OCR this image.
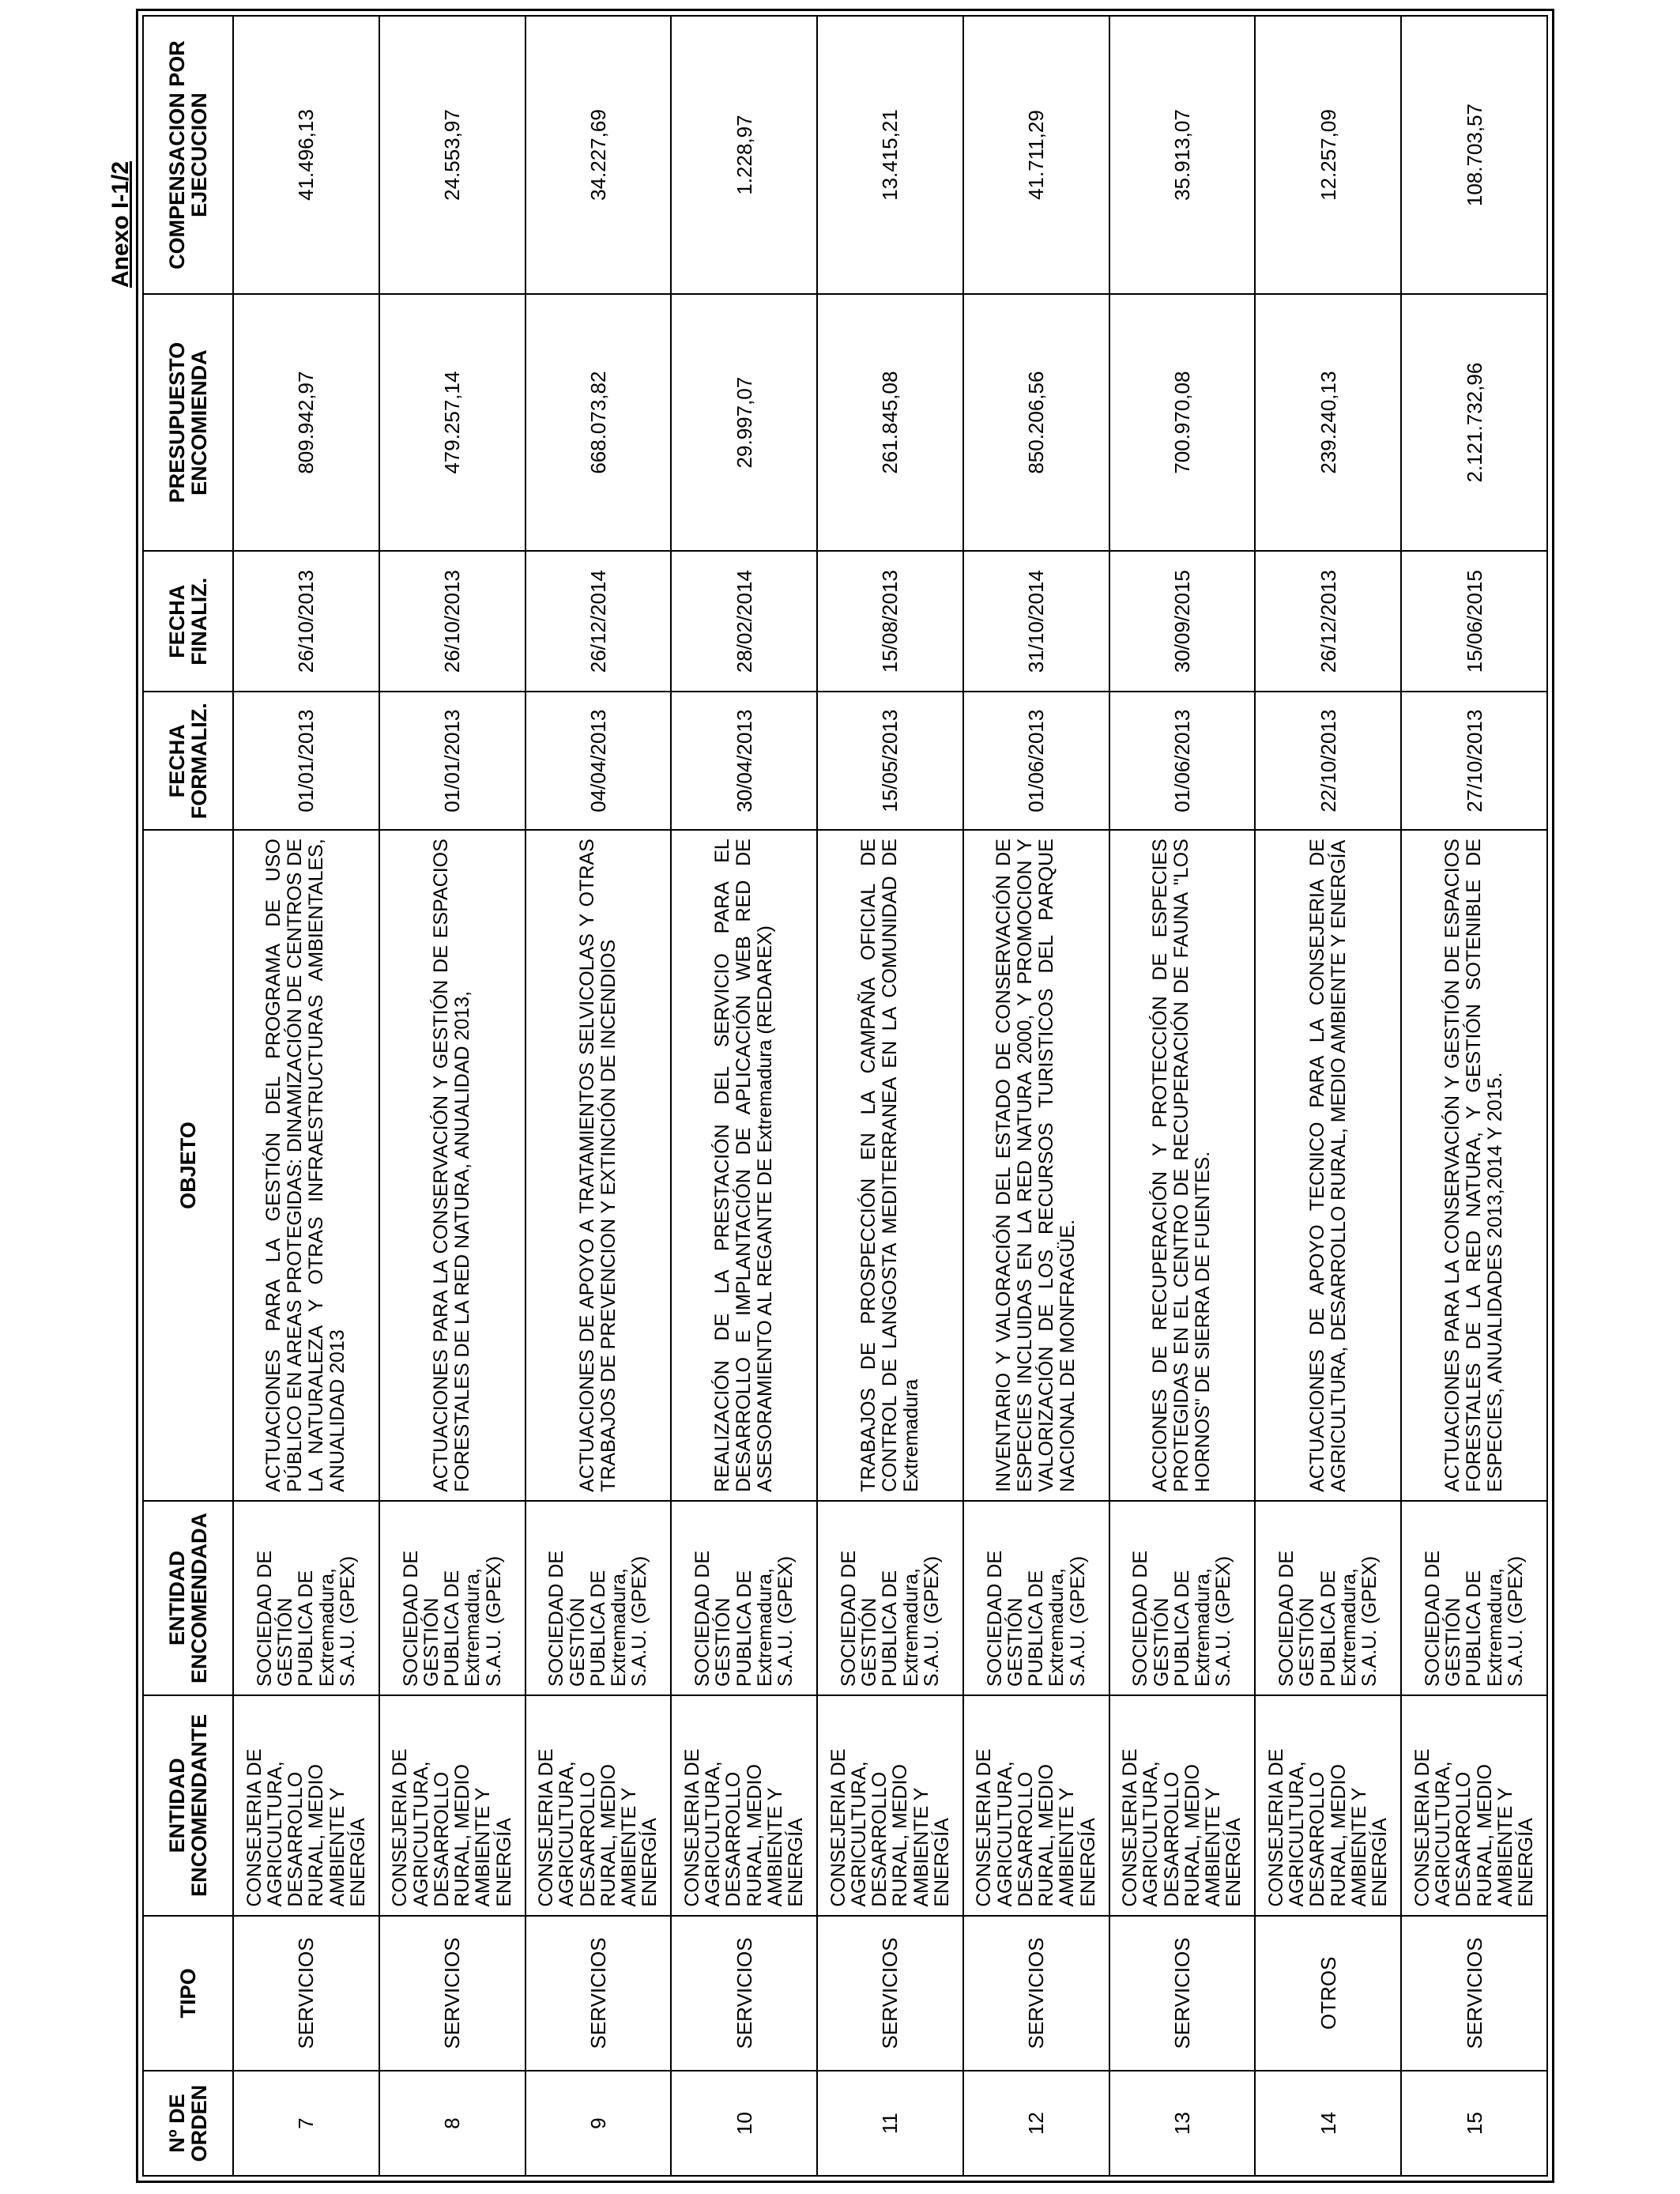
Anexo I-1/2
Nº DE ORDEN	TIPO	ENTIDAD ENCOMENDANTE	ENTIDAD ENCOMENDADA	OBJETO	FECHA FORMALIZ.	FECHA FINALIZ.	PRESUPUESTO ENCOMIENDA	COMPENSACION POR EJECUCION
7	SERVICIOS	CONSEJERIA DE AGRICULTURA, DESARROLLO RURAL, MEDIO AMBIENTE Y ENERGÍA	SOCIEDAD DE GESTIÓN PUBLICA DE Extremadura, S.A.U. (GPEX)	ACTUACIONES PARA LA GESTIÓN DEL PROGRAMA DE USO PÚBLICO EN AREAS PROTEGIDAS: DINAMIZACIÓN DE CENTROS DE LA NATURALEZA Y OTRAS INFRAESTRUCTURAS AMBIENTALES, ANUALIDAD 2013	01/01/2013	26/10/2013	809.942,97	41.496,13
8	SERVICIOS	CONSEJERIA DE AGRICULTURA, DESARROLLO RURAL, MEDIO AMBIENTE Y ENERGÍA	SOCIEDAD DE GESTIÓN PUBLICA DE Extremadura, S.A.U. (GPEX)	ACTUACIONES PARA LA CONSERVACIÓN Y GESTIÓN DE ESPACIOS FORESTALES DE LA RED NATURA, ANUALIDAD 2013,	01/01/2013	26/10/2013	479.257,14	24.553,97
9	SERVICIOS	CONSEJERIA DE AGRICULTURA, DESARROLLO RURAL, MEDIO AMBIENTE Y ENERGÍA	SOCIEDAD DE GESTIÓN PUBLICA DE Extremadura, S.A.U. (GPEX)	ACTUACIONES DE APOYO A TRATAMIENTOS SELVICOLAS Y OTRAS TRABAJOS DE PREVENCION Y EXTINCIÓN DE INCENDIOS	04/04/2013	26/12/2014	668.073,82	34.227,69
10	SERVICIOS	CONSEJERIA DE AGRICULTURA, DESARROLLO RURAL, MEDIO AMBIENTE Y ENERGÍA	SOCIEDAD DE GESTIÓN PUBLICA DE Extremadura, S.A.U. (GPEX)	REALIZACIÓN DE LA PRESTACIÓN DEL SERVICIO PARA EL DESARROLLO E IMPLANTACIÓN DE APLICACIÓN WEB RED DE ASESORAMIENTO AL REGANTE DE Extremadura (REDAREX)	30/04/2013	28/02/2014	29.997,07	1.228,97
11	SERVICIOS	CONSEJERIA DE AGRICULTURA, DESARROLLO RURAL, MEDIO AMBIENTE Y ENERGÍA	SOCIEDAD DE GESTIÓN PUBLICA DE Extremadura, S.A.U. (GPEX)	TRABAJOS DE PROSPECCIÓN EN LA CAMPAÑA OFICIAL DE CONTROL DE LANGOSTA MEDITERRANEA EN LA COMUNIDAD DE Extremadura	15/05/2013	15/08/2013	261.845,08	13.415,21
12	SERVICIOS	CONSEJERIA DE AGRICULTURA, DESARROLLO RURAL, MEDIO AMBIENTE Y ENERGÍA	SOCIEDAD DE GESTIÓN PUBLICA DE Extremadura, S.A.U. (GPEX)	INVENTARIO Y VALORACIÓN DEL ESTADO DE CONSERVACIÓN DE ESPECIES INCLUIDAS EN LA RED NATURA 2000, Y PROMOCION Y VALORIZACIÓN DE LOS RECURSOS TURISTICOS DEL PARQUE NACIONAL DE MONFRAGÜE.	01/06/2013	31/10/2014	850.206,56	41.711,29
13	SERVICIOS	CONSEJERIA DE AGRICULTURA, DESARROLLO RURAL, MEDIO AMBIENTE Y ENERGÍA	SOCIEDAD DE GESTIÓN PUBLICA DE Extremadura, S.A.U. (GPEX)	ACCIONES DE RECUPERACIÓN Y PROTECCIÓN DE ESPECIES PROTEGIDAS EN EL CENTRO DE RECUPERACIÓN DE FAUNA "LOS HORNOS" DE SIERRA DE FUENTES.	01/06/2013	30/09/2015	700.970,08	35.913,07
14	OTROS	CONSEJERIA DE AGRICULTURA, DESARROLLO RURAL, MEDIO AMBIENTE Y ENERGÍA	SOCIEDAD DE GESTIÓN PUBLICA DE Extremadura, S.A.U. (GPEX)	ACTUACIONES DE APOYO TECNICO PARA LA CONSEJERIA DE AGRICULTURA, DESARROLLO RURAL, MEDIO AMBIENTE Y ENERGÍA	22/10/2013	26/12/2013	239.240,13	12.257,09
15	SERVICIOS	CONSEJERIA DE AGRICULTURA, DESARROLLO RURAL, MEDIO AMBIENTE Y ENERGÍA	SOCIEDAD DE GESTIÓN PUBLICA DE Extremadura, S.A.U. (GPEX)	ACTUACIONES PARA LA CONSERVACIÓN Y GESTIÓN DE ESPACIOS FORESTALES DE LA RED NATURA, Y GESTIÓN SOTENIBLE DE ESPECIES, ANUALIDADES 2013,2014 Y 2015.	27/10/2013	15/06/2015	2.121.732,96	108.703,57
